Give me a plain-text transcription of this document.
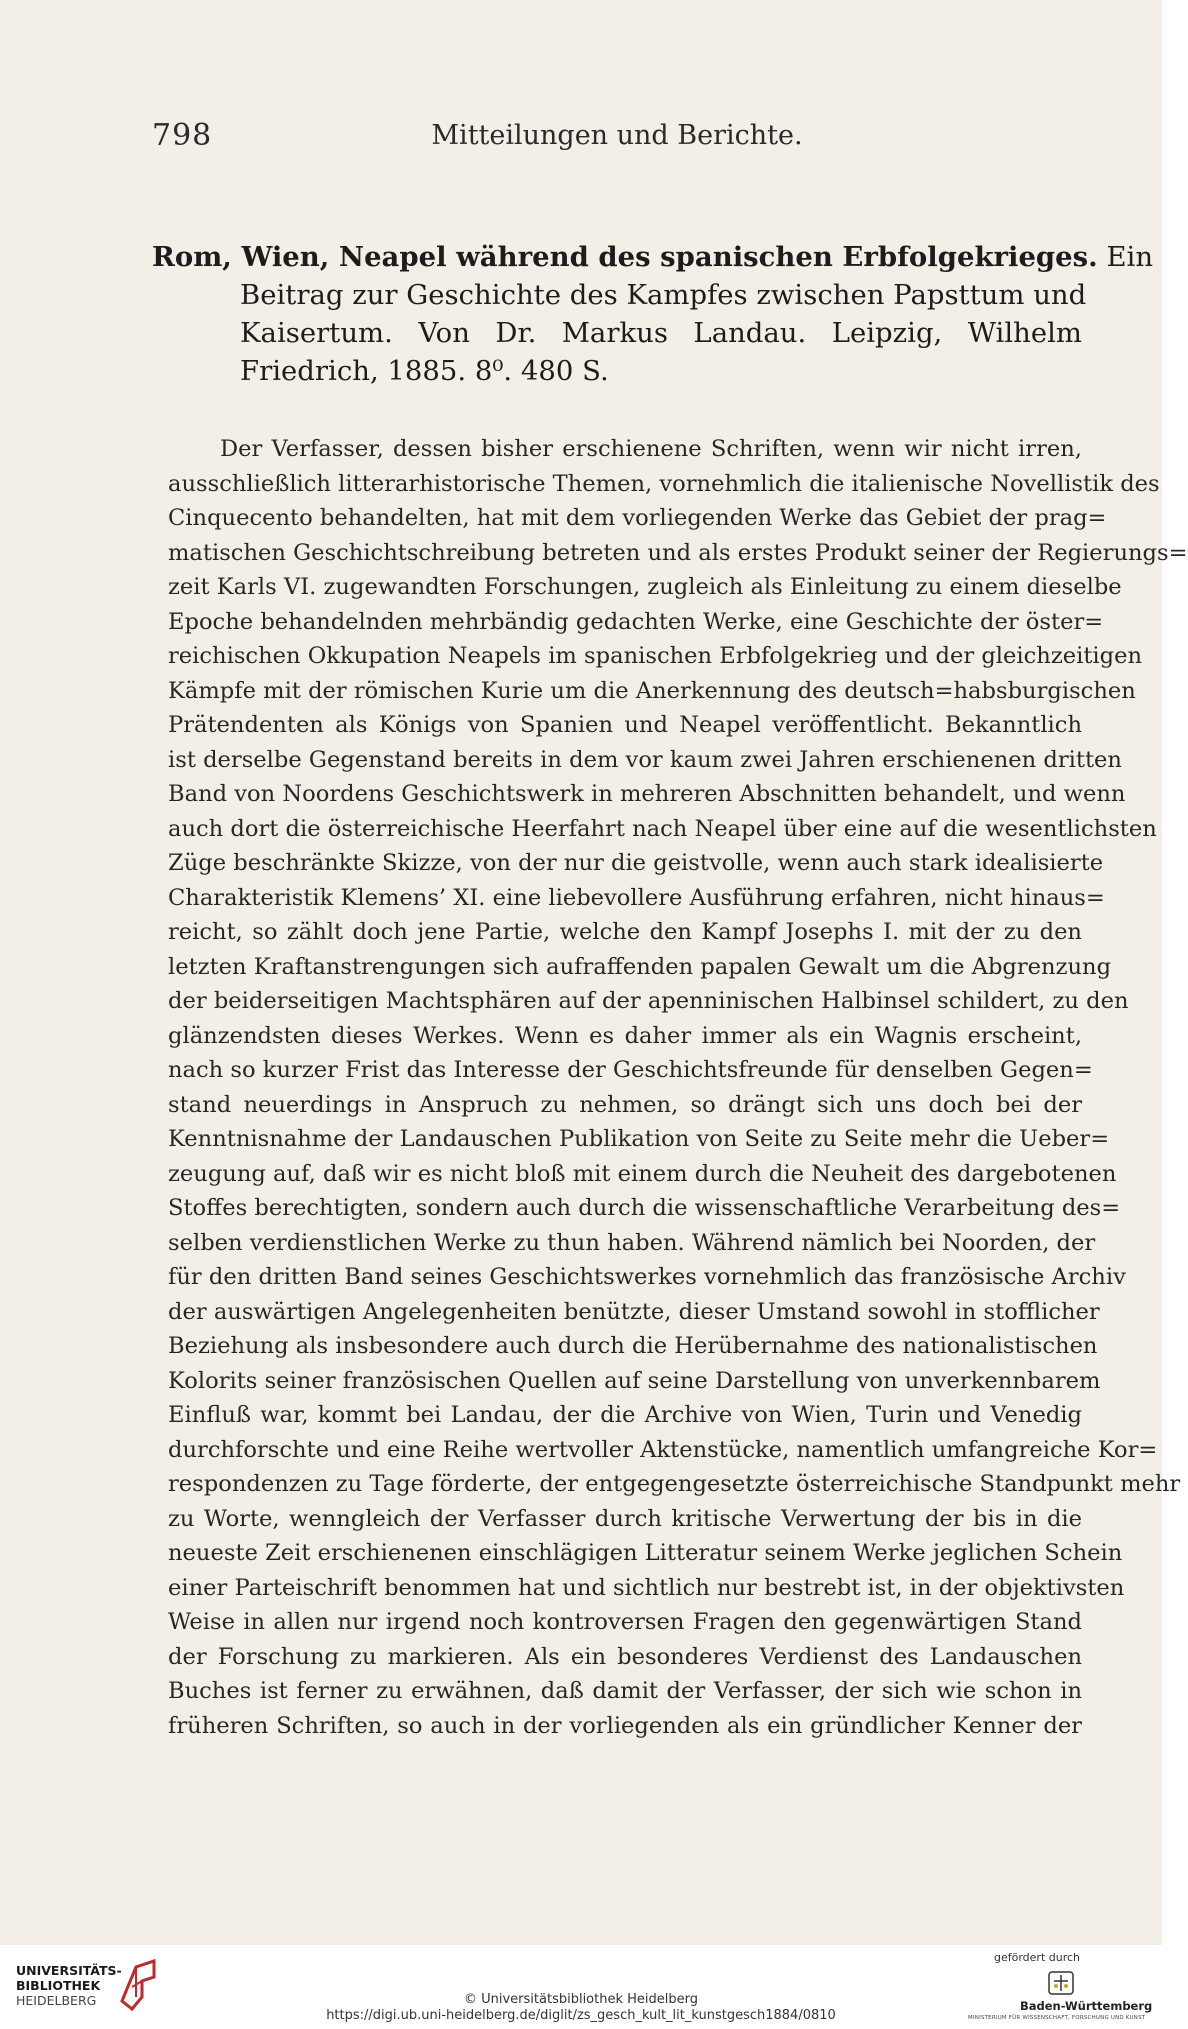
798	Mitteilungen und Berichte.
Rom, Wien, Neapel während des spanischen Erbfolgekrieges. Ein
Beitrag zur Geschichte des Kampfes zwischen Papsttum und
Kaisertum. Von Dr. Markus Landau. Leipzig, Wilhelm
Friedrich, 1885. 8⁰. 480 S.
Der Verfasser, dessen bisher erschienene Schriften, wenn wir nicht irren,
ausschließlich litterarhistorische Themen, vornehmlich die italienische Novellistik des
Cinquecento behandelten, hat mit dem vorliegenden Werke das Gebiet der prag=
matischen Geschichtschreibung betreten und als erstes Produkt seiner der Regierungs=
zeit Karls VI. zugewandten Forschungen, zugleich als Einleitung zu einem dieselbe
Epoche behandelnden mehrbändig gedachten Werke, eine Geschichte der öster=
reichischen Okkupation Neapels im spanischen Erbfolgekrieg und der gleichzeitigen
Kämpfe mit der römischen Kurie um die Anerkennung des deutsch=habsburgischen
Prätendenten als Königs von Spanien und Neapel veröffentlicht. Bekanntlich
ist derselbe Gegenstand bereits in dem vor kaum zwei Jahren erschienenen dritten
Band von Noordens Geschichtswerk in mehreren Abschnitten behandelt, und wenn
auch dort die österreichische Heerfahrt nach Neapel über eine auf die wesentlichsten
Züge beschränkte Skizze, von der nur die geistvolle, wenn auch stark idealisierte
Charakteristik Klemens’ XI. eine liebevollere Ausführung erfahren, nicht hinaus=
reicht, so zählt doch jene Partie, welche den Kampf Josephs I. mit der zu den
letzten Kraftanstrengungen sich aufraffenden papalen Gewalt um die Abgrenzung
der beiderseitigen Machtsphären auf der apenninischen Halbinsel schildert, zu den
glänzendsten dieses Werkes. Wenn es daher immer als ein Wagnis erscheint,
nach so kurzer Frist das Interesse der Geschichtsfreunde für denselben Gegen=
stand neuerdings in Anspruch zu nehmen, so drängt sich uns doch bei der
Kenntnisnahme der Landauschen Publikation von Seite zu Seite mehr die Ueber=
zeugung auf, daß wir es nicht bloß mit einem durch die Neuheit des dargebotenen
Stoffes berechtigten, sondern auch durch die wissenschaftliche Verarbeitung des=
selben verdienstlichen Werke zu thun haben. Während nämlich bei Noorden, der
für den dritten Band seines Geschichtswerkes vornehmlich das französische Archiv
der auswärtigen Angelegenheiten benützte, dieser Umstand sowohl in stofflicher
Beziehung als insbesondere auch durch die Herübernahme des nationalistischen
Kolorits seiner französischen Quellen auf seine Darstellung von unverkennbarem
Einfluß war, kommt bei Landau, der die Archive von Wien, Turin und Venedig
durchforschte und eine Reihe wertvoller Aktenstücke, namentlich umfangreiche Kor=
respondenzen zu Tage förderte, der entgegengesetzte österreichische Standpunkt mehr
zu Worte, wenngleich der Verfasser durch kritische Verwertung der bis in die
neueste Zeit erschienenen einschlägigen Litteratur seinem Werke jeglichen Schein
einer Parteischrift benommen hat und sichtlich nur bestrebt ist, in der objektivsten
Weise in allen nur irgend noch kontroversen Fragen den gegenwärtigen Stand
der Forschung zu markieren. Als ein besonderes Verdienst des Landauschen
Buches ist ferner zu erwähnen, daß damit der Verfasser, der sich wie schon in
früheren Schriften, so auch in der vorliegenden als ein gründlicher Kenner der
UNIVERSITÄTS-
BIBLIOTHEK
HEIDELBERG	© Universitätsbibliothek Heidelberg
https://digi.ub.uni-heidelberg.de/diglit/zs_gesch_kult_lit_kunstgesch1884/0810
gefördert durch
Baden-Württemberg
MINISTERIUM FÜR WISSENSCHAFT, FORSCHUNG UND KUNST
